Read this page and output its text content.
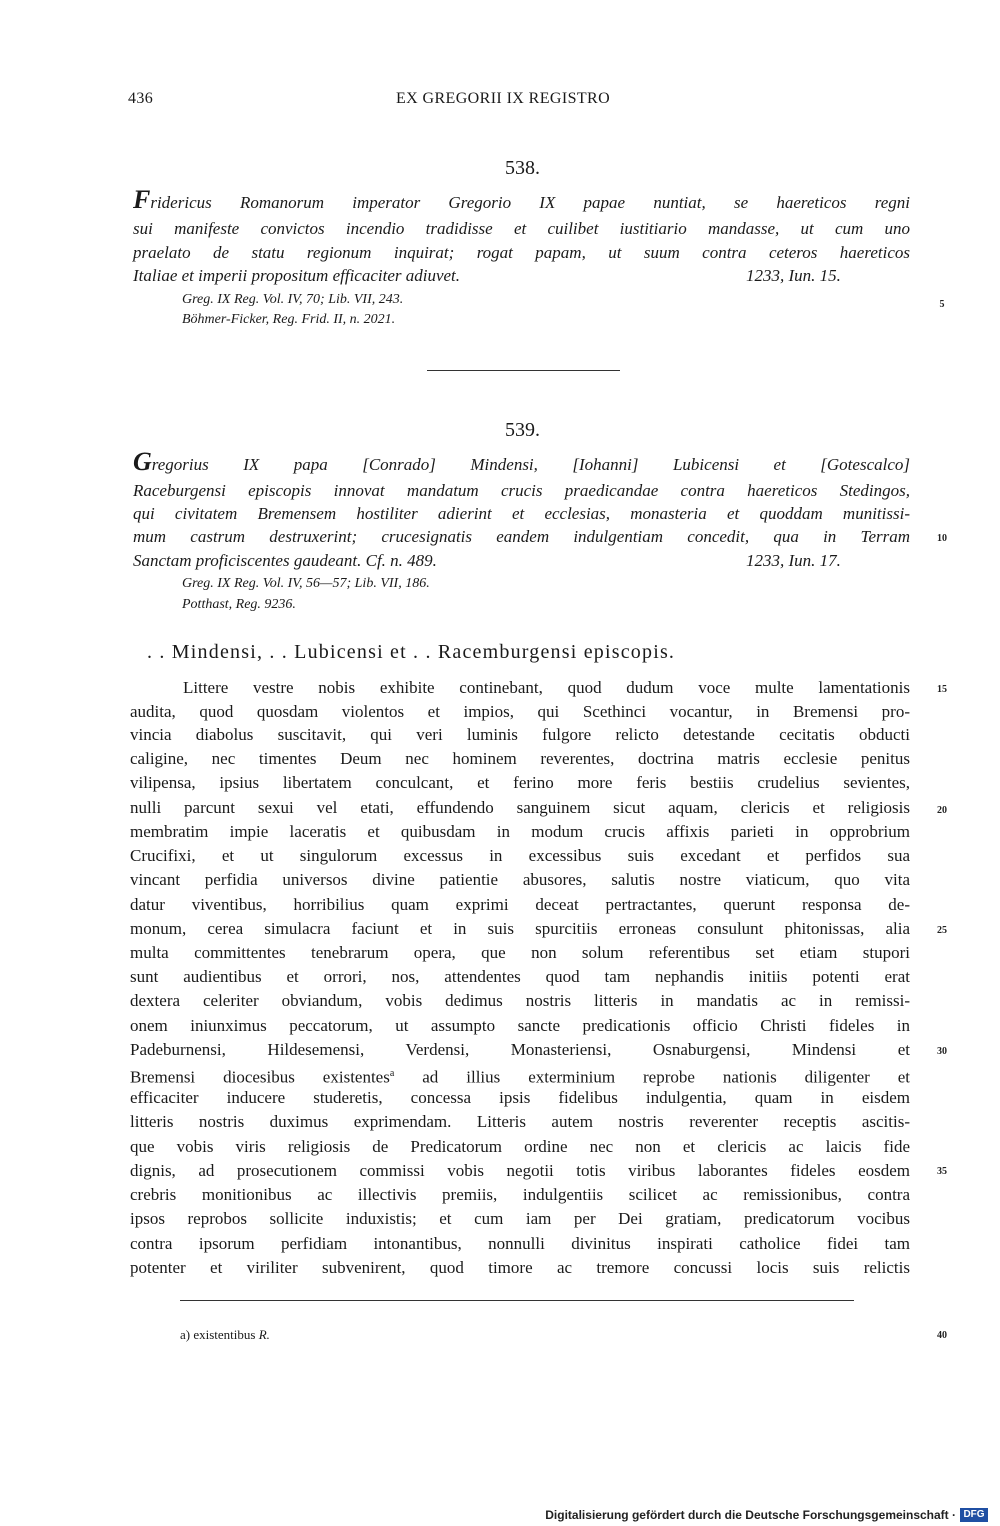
436	EX GREGORII IX REGISTRO
538.
Fridericus Romanorum imperator Gregorio IX papae nuntiat, se haereticos regni
sui manifeste convictos incendio tradidisse et cuilibet iustitiario mandasse, ut cum uno
praelato de statu regionum inquirat; rogat papam, ut suum contra ceteros haereticos
Italiae et imperii propositum efficaciter adiuvet.	1233, Iun. 15.
Greg. IX Reg. Vol. IV, 70; Lib. VII, 243.
Böhmer-Ficker, Reg. Frid. II, n. 2021.
539.
Gregorius IX papa [Conrado] Mindensi, [Iohanni] Lubicensi et [Gotescalco]
Raceburgensi episcopis innovat mandatum crucis praedicandae contra haereticos Stedingos,
qui civitatem Bremensem hostiliter adierint et ecclesias, monasteria et quoddam munitissi-
mum castrum destruxerint; crucesignatis eandem indulgentiam concedit, qua in Terram
Sanctam proficiscentes gaudeant. Cf. n. 489.	1233, Iun. 17.
Greg. IX Reg. Vol. IV, 56—57; Lib. VII, 186.
Potthast, Reg. 9236.
. . Mindensi, . . Lubicensi et . . Racemburgensi episcopis.
Littere vestre nobis exhibite continebant, quod dudum voce multe lamentationis
audita, quod quosdam violentos et impios, qui Scethinci vocantur, in Bremensi pro-
vincia diabolus suscitavit, qui veri luminis fulgore relicto detestande cecitatis obducti
caligine, nec timentes Deum nec hominem reverentes, doctrina matris ecclesie penitus
vilipensa, ipsius libertatem conculcant, et ferino more feris bestiis crudelius sevientes,
nulli parcunt sexui vel etati, effundendo sanguinem sicut aquam, clericis et religiosis
membratim impie laceratis et quibusdam in modum crucis affixis parieti in opprobrium
Crucifixi, et ut singulorum excessus in excessibus suis excedant et perfidos sua
vincant perfidia universos divine patientie abusores, salutis nostre viaticum, quo vita
datur viventibus, horribilius quam exprimi deceat pertractantes, querunt responsa de-
monum, cerea simulacra faciunt et in suis spurcitiis erroneas consulunt phitonissas, alia
multa committentes tenebrarum opera, que non solum referentibus set etiam stupori
sunt audientibus et orrori, nos, attendentes quod tam nephandis initiis potenti erat
dextera celeriter obviandum, vobis dedimus nostris litteris in mandatis ac in remissi-
onem iniunximus peccatorum, ut assumpto sancte predicationis officio Christi fideles in
Padeburnensi, Hildesemensi, Verdensi, Monasteriensi, Osnaburgensi, Mindensi et
Bremensi diocesibus existentes$^a$ ad illius exterminium reprobe nationis diligenter et
efficaciter inducere studeretis, concessa ipsis fidelibus indulgentia, quam in eisdem
litteris nostris duximus exprimendam. Litteris autem nostris reverenter receptis ascitis-
que vobis viris religiosis de Predicatorum ordine nec non et clericis ac laicis fide
dignis, ad prosecutionem commissi vobis negotii totis viribus laborantes fideles eosdem
crebris monitionibus ac illectivis premiis, indulgentiis scilicet ac remissionibus, contra
ipsos reprobos sollicite induxistis; et cum iam per Dei gratiam, predicatorum vocibus
contra ipsorum perfidiam intonantibus, nonnulli divinitus inspirati catholice fidei tam
potenter et viriliter subvenirent, quod timore ac tremore concussi locis suis relictis
5
10
15
20
25
30
35
40
a) existentibus R.
Digitalisierung gefördert durch die Deutsche Forschungsgemeinschaft · DFG
